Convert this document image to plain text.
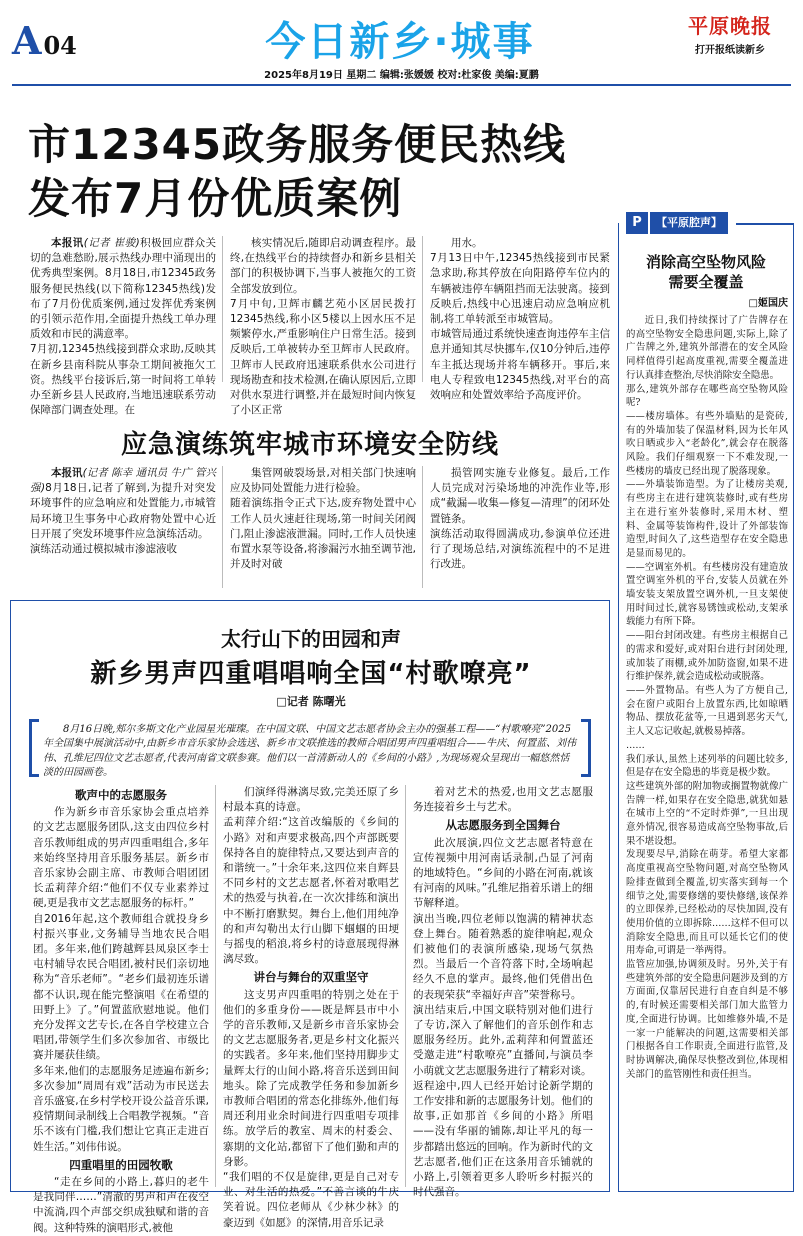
A04	今日新乡·城事	平原晚报
打开报纸读新乡
2025年8月19日 星期二 编辑:张媛媛 校对:杜家俊 美编:夏鹏
市12345政务服务便民热线
发布7月份优质案例

本报讯(记者 崔骏)积极回应群众关切的急难愁盼,展示热线办理中涌现出的优秀典型案例。8月18日,市12345政务服务便民热线(以下简称12345热线)发布了7月份优质案例,通过发挥优秀案例的引领示范作用,全面提升热线工单办理质效和市民的满意率。
7月初,12345热线接到群众求助,反映其在新乡县南科院从事杂工期间被拖欠工资。热线平台接诉后,第一时间将工单转办至新乡县人民政府,当地迅速联系劳动保障部门调查处理。在

核实情况后,随即启动调查程序。最终,在热线平台的持续督办和新乡县相关部门的积极协调下,当事人被拖欠的工资全部发放到位。
7月中旬,卫辉市麟艺苑小区居民拨打12345热线,称小区5楼以上因水压不足频繁停水,严重影响住户日常生活。接到反映后,工单被转办至卫辉市人民政府。卫辉市人民政府迅速联系供水公司进行现场勘查和技术检测,在确认原因后,立即对供水泵进行调整,并在最短时间内恢复了小区正常

用水。
7月13日中午,12345热线接到市民紧急求助,称其停放在向阳路停车位内的车辆被违停车辆阻挡而无法驶离。接到反映后,热线中心迅速启动应急响应机制,将工单转派至市城管局。
市城管局通过系统快速查询违停车主信息并通知其尽快挪车,仅10分钟后,违停车主抵达现场并将车辆移开。事后,来电人专程致电12345热线,对平台的高效响应和处置效率给予高度评价。

应急演练筑牢城市环境安全防线

本报讯(记者 陈幸 通讯员 牛广 管兴强)8月18日,记者了解到,为提升对突发环境事件的应急响应和处置能力,市城管局环境卫生事务中心政府物处置中心近日开展了突发环境事件应急演练活动。
演练活动通过模拟城市渗滤液收

集管网破裂场景,对相关部门快速响应及协同处置能力进行检验。
随着演练指令正式下达,废弃物处置中心工作人员火速赶往现场,第一时间关闭阀门,阻止渗滤液泄漏。同时,工作人员快速布置水泵等设备,将渗漏污水抽至调节池,并及时对破

损管网实施专业修复。最后,工作人员完成对污染场地的冲洗作业等,形成“截漏—收集—修复—清理”的闭环处置链条。
演练活动取得圆满成功,参演单位还进行了现场总结,对演练流程中的不足进行改进。

太行山下的田园和声
新乡男声四重唱唱响全国“村歌嘹亮”
□记者 陈曙光
8月16日晚,郏尔多斯文化产业园星光璀璨。在中国文联、中国文艺志愿者协会主办的强基工程——“村歌嘹亮”2025年全国集中展演活动中,由新乡市音乐家协会选送、新乡市文联推选的教师合唱团男声四重唱组合——牛庆、何置蓝、刘伟伟、孔维尼四位文艺志愿者,代表河南省文联参赛。他们以一首清新动人的《乡间的小路》,为现场观众呈现出一幅悠然恬淡的田园画卷。

歌声中的志愿服务

作为新乡市音乐家协会重点培养的文艺志愿服务团队,这支由四位乡村音乐教师组成的男声四重唱组合,多年来始终坚持用音乐服务基层。新乡市音乐家协会副主席、市教师合唱团团长孟莉萍介绍:“他们不仅专业素养过硬,更是我市文艺志愿服务的标杆。”
自2016年起,这个教师组合就投身乡村振兴事业,文务辅导当地农民合唱团。多年来,他们跨越辉县凤泉区李士屯村辅导农民合唱团,被村民们亲切地称为“音乐老师”。“老乡们最初连乐谱都不认识,现在能完整演唱《在希望的田野上》了。”何置蓝欣慰地说。他们充分发挥文艺专长,在各自学校建立合唱团,带领学生们多次参加省、市级比赛并屡获佳绩。
多年来,他们的志愿服务足迹遍布新乡;多次参加“周周有戏”活动为市民送去音乐盛宴,在乡村学校开设公益音乐课,疫情期间录制线上合唱教学视频。“音乐不该有门槛,我们想让它真正走进百姓生活。”刘伟伟说。

四重唱里的田园牧歌

“走在乡间的小路上,暮归的老牛是我同伴……”清澈的男声和声在夜空中流淌,四个声部交织成独赋和谐的音阀。这种特殊的演唱形式,被他

们演绎得淋漓尽致,完美还原了乡村最本真的诗意。
孟莉萍介绍:“这首改编版的《乡间的小路》对和声要求极高,四个声部既要保持各自的旋律特点,又要达到声音的和谐统一。”十余年来,这四位来自辉县不同乡村的文艺志愿者,怀着对歌唱艺术的热爱与执着,在一次次排练和演出中不断打磨默契。舞台上,他们用纯净的和声勾勒出太行山脚下蝈蝈的田埂与摇曳的稻浪,将乡村的诗意展现得淋漓尽致。

讲台与舞台的双重坚守

这支男声四重唱的特别之处在于他们的多重身份——既是辉县市中小学的音乐教师,又是新乡市音乐家协会的文艺志愿服务者,更是乡村文化振兴的实践者。多年来,他们坚持用脚步丈量辉太行的山间小路,将音乐送到田间地头。除了完成教学任务和参加新乡市教师合唱团的常态化排练外,他们每周还利用业余时间进行四重唱专项排练。放学后的教室、周末的村委会、寨期的文化站,都留下了他们勤和声的身影。
“我们唱的不仅是旋律,更是自己对专业、对生活的热爱。”不善言谈的牛庆笑着说。四位老师从《少林少林》的豪迈到《如愿》的深情,用音乐记录

着对艺术的热爱,也用文艺志愿服务连接着乡土与艺术。

从志愿服务到全国舞台

此次展演,四位文艺志愿者特意在宣传视频中用河南话录制,凸显了河南的地域特色。“乡间的小路在河南,就该有河南的风味。”孔维尼指着乐谱上的细节解释道。
演出当晚,四位老师以饱满的精神状态登上舞台。随着熟悉的旋律响起,观众们被他们的表演所感染,现场气氛热烈。当最后一个音符落下时,全场响起经久不息的掌声。最终,他们凭借出色的表现荣获“幸福好声音”荣誉称号。
演出结束后,中国文联特别对他们进行了专访,深入了解他们的音乐创作和志愿服务经历。此外,孟莉萍和何置蓝还受邀走进“村歌嘹亮”直播间,与演员李小萌就文艺志愿服务进行了精彩对谈。
返程途中,四人已经开始讨论新学期的工作安排和新的志愿服务计划。他们的故事,正如那首《乡间的小路》所唱——没有华丽的铺陈,却让平凡的每一步都踏出悠远的回响。作为新时代的文艺志愿者,他们正在这条用音乐铺就的小路上,引领着更多人聆听乡村振兴的时代强音。

P	【平原腔声】
消除高空坠物风险
需要全覆盖
□姬国庆

近日,我们持续探讨了广告牌存在的高空坠物安全隐患问题,实际上,除了广告牌之外,建筑外部潜在的安全风险同样值得引起高度重视,需要全覆盖进行认真排查整治,尽快消除安全隐患。
那么,建筑外部存在哪些高空坠物风险呢?
——楼房墙体。有些外墙贴的是瓷砖,有的外墙加装了保温材料,因为长年风吹日晒或步入“老龄化”,就会存在脱落风险。我们仔细观察一下不难发现,一些楼房的墙皮已经出现了脱落现象。
——外墙装饰造型。为了让楼房美观,有些房主在进行建筑装修时,或有些房主在进行室外装修时,采用木材、塑料、金属等装饰构件,设计了外部装饰造型,时间久了,这些造型存在安全隐患是显而易见的。
——空调室外机。有些楼房没有建造放置空调室外机的平台,安装人员就在外墙安装支架放置空调外机,一旦支架使用时间过长,就容易锈蚀或松动,支架承载能力有所下降。
——阳台封闭改建。有些房主根据自己的需求和爱好,或对阳台进行封闭处理,或加装了雨棚,或外加防盗窗,如果不进行维护保养,就会造成松动或脱落。
——外置物品。有些人为了方便自己,会在窗户或阳台上放置东西,比如晾晒物品、摆放花盆等,一旦遇到恶劣天气,主人又忘记收起,就极易掉落。
……
我们承认,虽然上述列举的问题比较多,但是存在安全隐患的毕竟是极少数。
这些建筑外部的附加物或搁置物就像广告牌一样,如果存在安全隐患,就犹如悬在城市上空的“不定时炸弹”,一旦出现意外情况,很容易造成高空坠物事故,后果不堪设想。
发现要尽早,消除在萌芽。希望大家都高度重视高空坠物问题,对高空坠物风险排查做到全覆盖,切实落实到每一个细节之处,需要修缮的要快修缮,该保养的立即保养,已经松动的尽快加固,没有使用价值的立即拆除……这样不但可以消除安全隐患,而且可以延长它们的使用寿命,可谓是一举两得。
监管应加强,协调须及时。另外,关于有些建筑外部的安全隐患问题涉及到的方方面面,仅靠居民进行自查自纠是不够的,有时候还需要相关部门加大监管力度,全面进行协调。比如维修外墙,不是一家一户能解决的问题,这需要相关部门根据各自工作职责,全面进行监管,及时协调解决,确保尽快整改到位,体现相关部门的监管刚性和责任担当。
